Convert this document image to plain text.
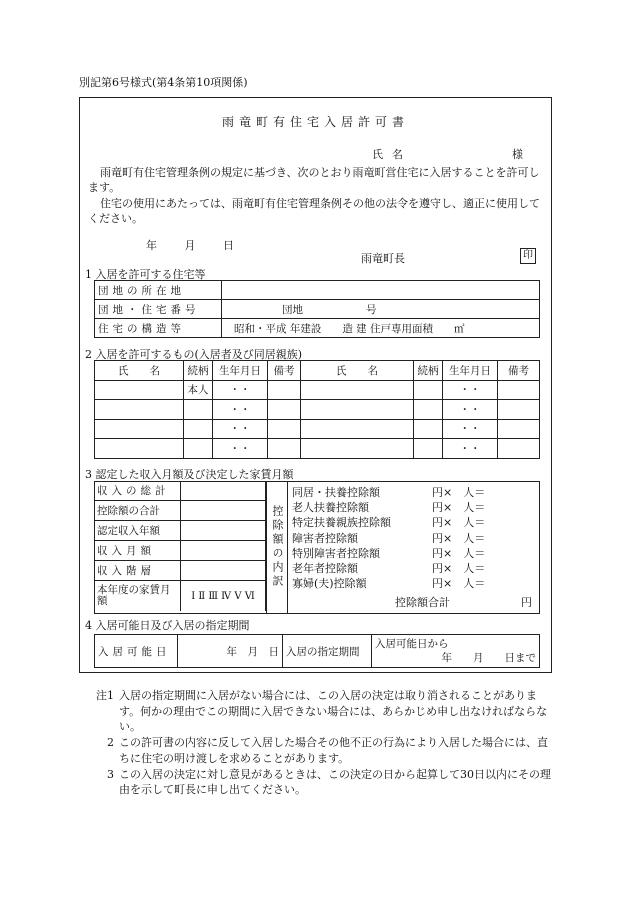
別記第6号様式(第4条第10項関係)
雨竜町有住宅入居許可書
氏名	様
雨竜町有住宅管理条例の規定に基づき、次のとおり雨竜町営住宅に入居することを許可します。
住宅の使用にあたっては、雨竜町有住宅管理条例その他の法令を遵守し、適正に使用してください。
年 月 日
雨竜町長	印
1 入居を許可する住宅等
団地の所在地	
団地・住宅番号	団地　　　　　　号
住宅の構造等	昭和・平成 年建設　　造 建 住戸専用面積　　㎡
2 入居を許可するもの(入居者及び同居親族)
氏　　名	続柄	生年月日	備考	氏　　名	続柄	生年月日	備考
	本人	・・				・・	
		・・				・・	
		・・				・・	
		・・				・・	
3 認定した収入月額及び決定した家賃月額
収入の総計	
控除額の合計	
認定収入年額	
収入月額	
収入階層	
本年度の家賃月額	Ⅰ Ⅱ Ⅲ Ⅳ Ⅴ Ⅵ
控除額の内訳
同居・扶養控除額	円×　人＝
老人扶養控除額	円×　人＝
特定扶養親族控除額	円×　人＝
障害者控除額	円×　人＝
特別障害者控除額	円×　人＝
老年者控除額	円×　人＝
寡婦(夫)控除額	円×　人＝
控除額合計	円
4 入居可能日及び入居の指定期間
入居可能日	年　月　日	入居の指定期間	
入居可能日から
年　　月　　日まで
注1 入居の指定期間に入居がない場合には、この入居の決定は取り消されることがあります。何かの理由でこの期間に入居できない場合には、あらかじめ申し出なければならない。
2 この許可書の内容に反して入居した場合その他不正の行為により入居した場合には、直ちに住宅の明け渡しを求めることがあります。
3 この入居の決定に対し意見があるときは、この決定の日から起算して30日以内にその理由を示して町長に申し出てください。
